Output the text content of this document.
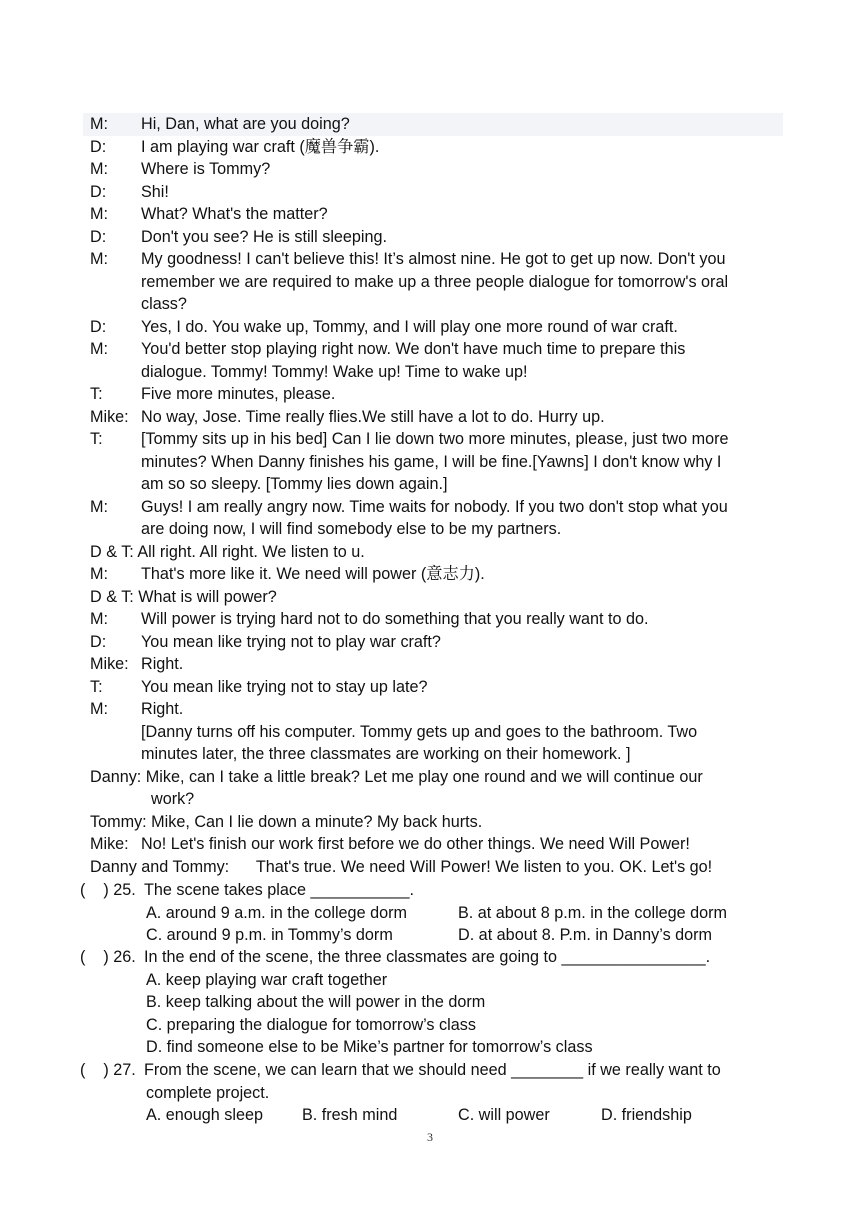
M:	Hi, Dan, what are you doing?
D:	I am playing war craft (魔兽争霸).
M:	Where is Tommy?
D:	Shi!
M:	What? What's the matter?
D:	Don't you see? He is still sleeping.
M:	My goodness! I can't believe this! It’s almost nine. He got to get up now. Don't you
remember we are required to make up a three people dialogue for tomorrow's oral
class?
D:	Yes, I do. You wake up, Tommy, and I will play one more round of war craft.
M:	You'd better stop playing right now. We don't have much time to prepare this
dialogue. Tommy! Tommy! Wake up! Time to wake up!
T:	Five more minutes, please.
Mike: No way, Jose. Time really flies.We still have a lot to do. Hurry up.
T:	[Tommy sits up in his bed] Can I lie down two more minutes, please, just two more
minutes? When Danny finishes his game, I will be fine.[Yawns] I don't know why I
am so so sleepy. [Tommy lies down again.]
M:	Guys! I am really angry now. Time waits for nobody. If you two don't stop what you
are doing now, I will find somebody else to be my partners.
D & T: All right. All right. We listen to u.
M:	That's more like it. We need will power (意志力).
D & T: What is will power?
M:	Will power is trying hard not to do something that you really want to do.
D:	You mean like trying not to play war craft?
Mike: Right.
T:	You mean like trying not to stay up late?
M:	Right.
[Danny turns off his computer. Tommy gets up and goes to the bathroom. Two
minutes later, the three classmates are working on their homework. ]
Danny: Mike, can I take a little break? Let me play one round and we will continue our
work?
Tommy: Mike, Can I lie down a minute? My back hurts.
Mike: No! Let's finish our work first before we do other things. We need Will Power!
Danny and Tommy:      That's true. We need Will Power! We listen to you. OK. Let's go!
(    ) 25. The scene takes place ___________.
A. around 9 a.m. in the college dorm	B. at about 8 p.m. in the college dorm
C. around 9 p.m. in Tommy’s dorm	D. at about 8. P.m. in Danny’s dorm
(    ) 26. In the end of the scene, the three classmates are going to ________________.
A. keep playing war craft together
B. keep talking about the will power in the dorm
C. preparing the dialogue for tomorrow’s class
D. find someone else to be Mike’s partner for tomorrow’s class
(    ) 27. From the scene, we can learn that we should need ________ if we really want to
complete project.
A. enough sleep	B. fresh mind	C. will power	D. friendship
3
